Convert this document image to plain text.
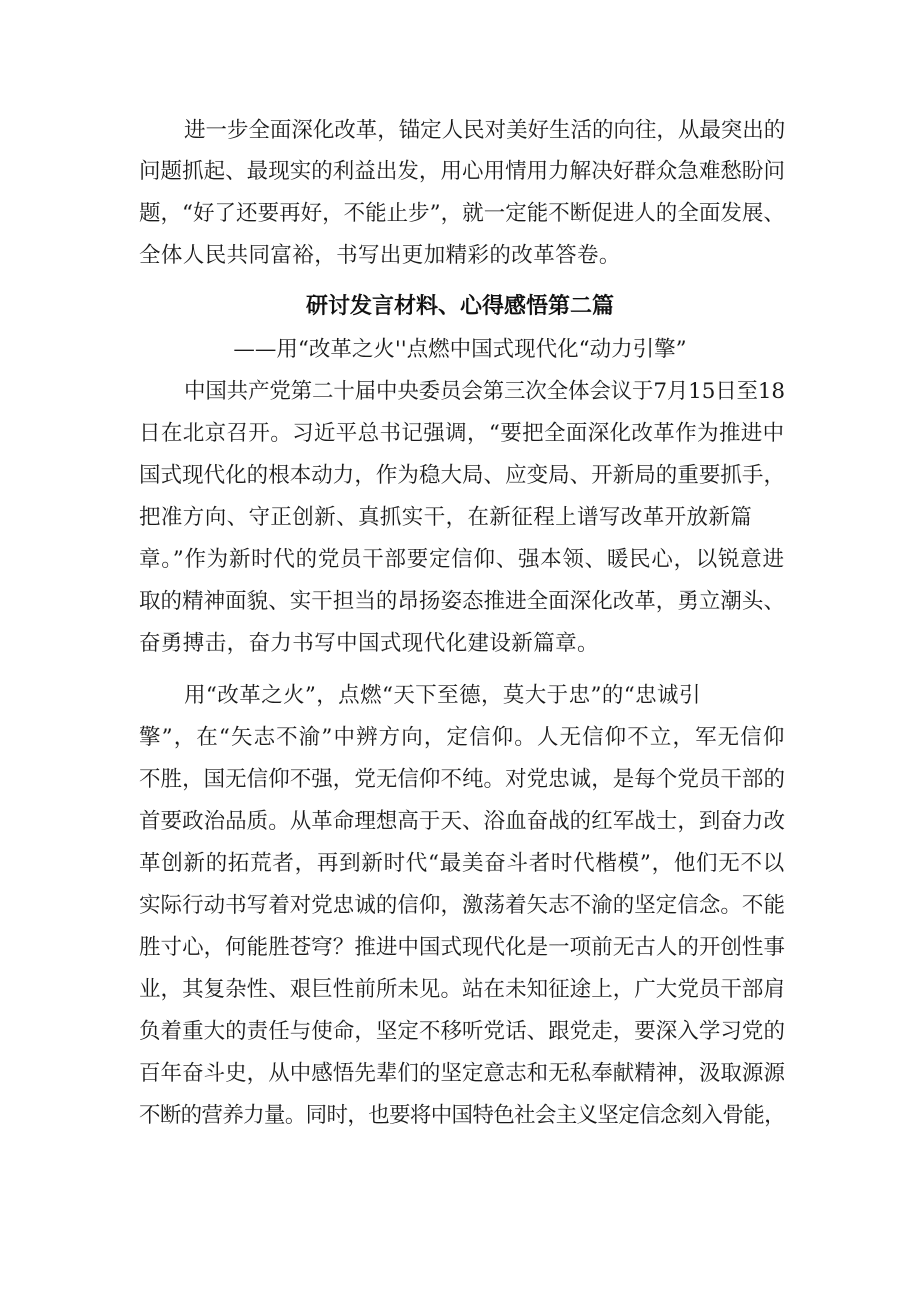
进一步全面深化改革，锚定人民对美好生活的向往，从最突出的
问题抓起、最现实的利益出发，用心用情用力解决好群众急难愁盼问
题，“好了还要再好，不能止步”，就一定能不断促进人的全面发展、
全体人民共同富裕，书写出更加精彩的改革答卷。
研讨发言材料、心得感悟第二篇
——用“改革之火''点燃中国式现代化“动力引擎”
中国共产党第二十届中央委员会第三次全体会议于7月15日至18
日在北京召开。习近平总书记强调，“要把全面深化改革作为推进中
国式现代化的根本动力，作为稳大局、应变局、开新局的重要抓手，
把准方向、守正创新、真抓实干，在新征程上谱写改革开放新篇
章。”作为新时代的党员干部要定信仰、强本领、暖民心，以锐意进
取的精神面貌、实干担当的昂扬姿态推进全面深化改革，勇立潮头、
奋勇搏击，奋力书写中国式现代化建设新篇章。
用“改革之火”，点燃“天下至德，莫大于忠”的“忠诚引
擎”，在“矢志不渝”中辨方向，定信仰。人无信仰不立，军无信仰
不胜，国无信仰不强，党无信仰不纯。对党忠诚，是每个党员干部的
首要政治品质。从革命理想高于天、浴血奋战的红军战士，到奋力改
革创新的拓荒者，再到新时代“最美奋斗者时代楷模”，他们无不以
实际行动书写着对党忠诚的信仰，激荡着矢志不渝的坚定信念。不能
胜寸心，何能胜苍穹？推进中国式现代化是一项前无古人的开创性事
业，其复杂性、艰巨性前所未见。站在未知征途上，广大党员干部肩
负着重大的责任与使命，坚定不移听党话、跟党走，要深入学习党的
百年奋斗史，从中感悟先辈们的坚定意志和无私奉献精神，汲取源源
不断的营养力量。同时，也要将中国特色社会主义坚定信念刻入骨能，
